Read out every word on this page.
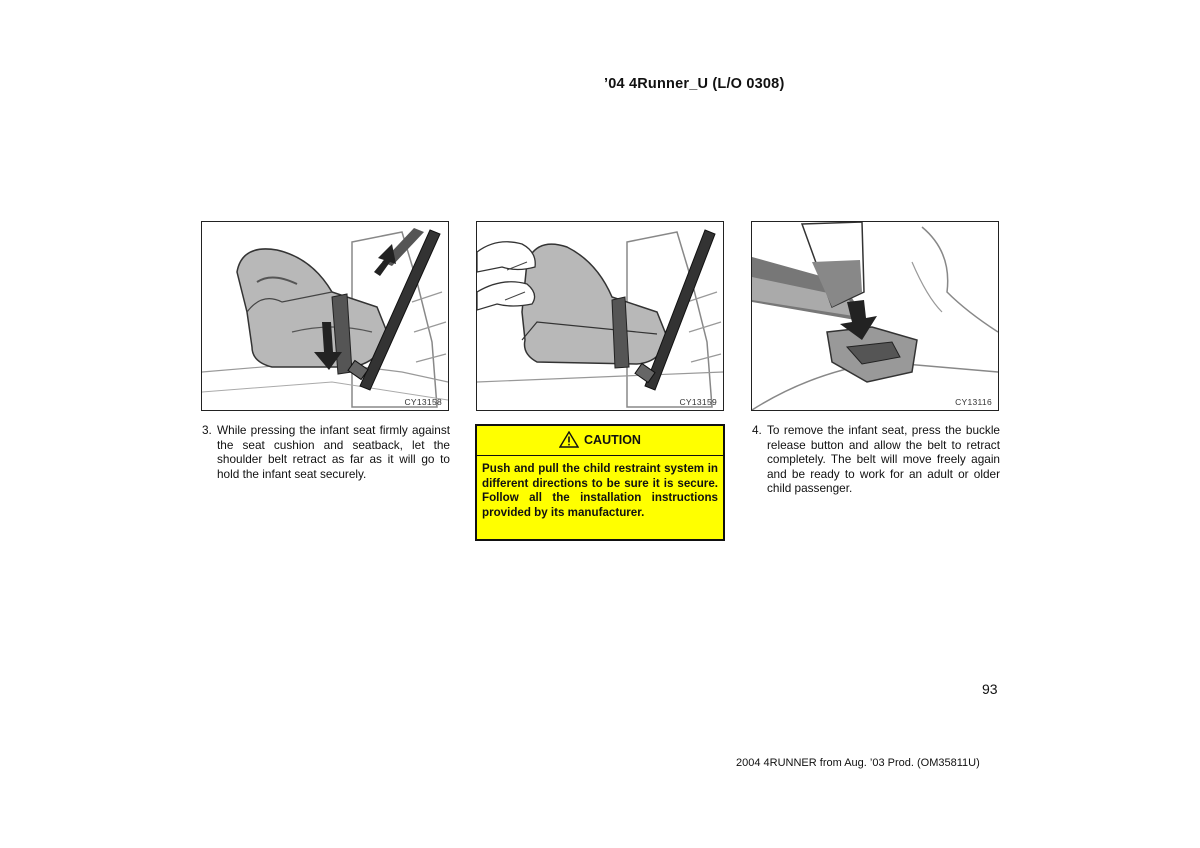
’04 4Runner_U (L/O 0308)
CY13158	CY13159	CY13116
3. While pressing the infant seat firmly against the seat cushion and seatback, let the shoulder belt retract as far as it will go to hold the infant seat securely.
CAUTION
Push and pull the child restraint system in different directions to be sure it is secure. Follow all the installation instructions provided by its manufacturer.
4. To remove the infant seat, press the buckle release button and allow the belt to retract completely. The belt will move freely again and be ready to work for an adult or older child passenger.
93
2004 4RUNNER from Aug. ’03 Prod. (OM35811U)
